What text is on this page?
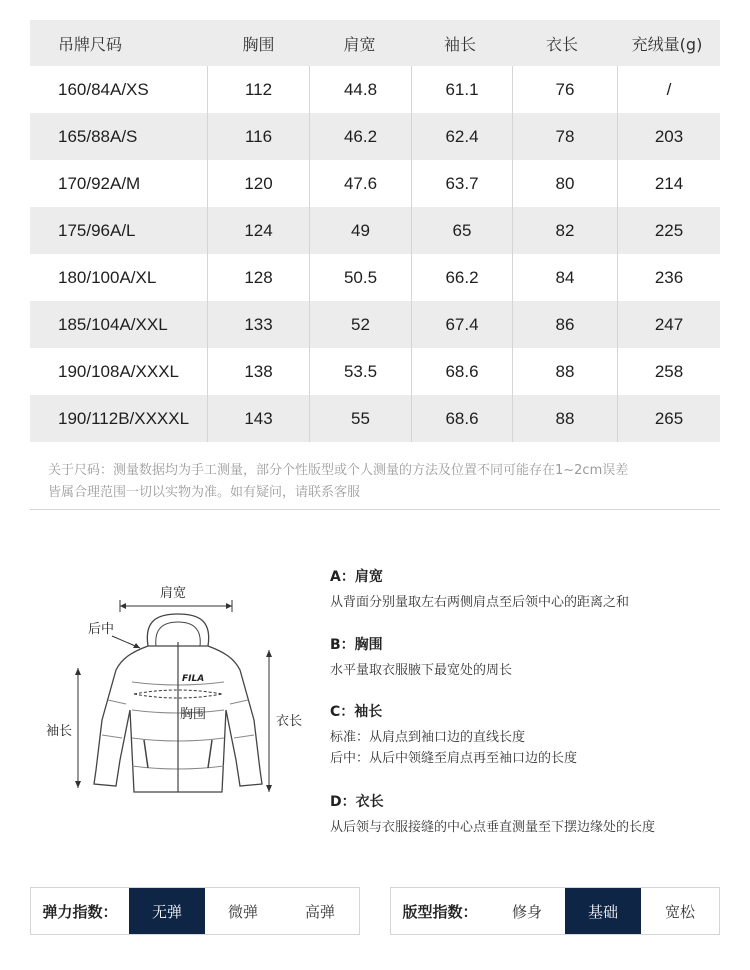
吊牌尺码	胸围	肩宽	袖长	衣长	充绒量(g)
160/84A/XS	112	44.8	61.1	76	/
165/88A/S	116	46.2	62.4	78	203
170/92A/M	120	47.6	63.7	80	214
175/96A/L	124	49	65	82	225
180/100A/XL	128	50.5	66.2	84	236
185/104A/XXL	133	52	67.4	86	247
190/108A/XXXL	138	53.5	68.6	88	258
190/112B/XXXXL	143	55	68.6	88	265
关于尺码：测量数据均为手工测量，部分个性版型或个人测量的方法及位置不同可能存在1~2cm误差
皆属合理范围一切以实物为准。如有疑问，请联系客服
肩宽
后中
胸围
袖长
衣长
FILA
A：肩宽
从背面分别量取左右两侧肩点至后领中心的距离之和
B：胸围
水平量取衣服腋下最宽处的周长
C：袖长
标准：从肩点到袖口边的直线长度
后中：从后中领缝至肩点再至袖口边的长度
D：衣长
从后领与衣服接缝的中心点垂直测量至下摆边缘处的长度
弹力指数：	无弹	微弹	高弹	版型指数：	修身	基础	宽松
